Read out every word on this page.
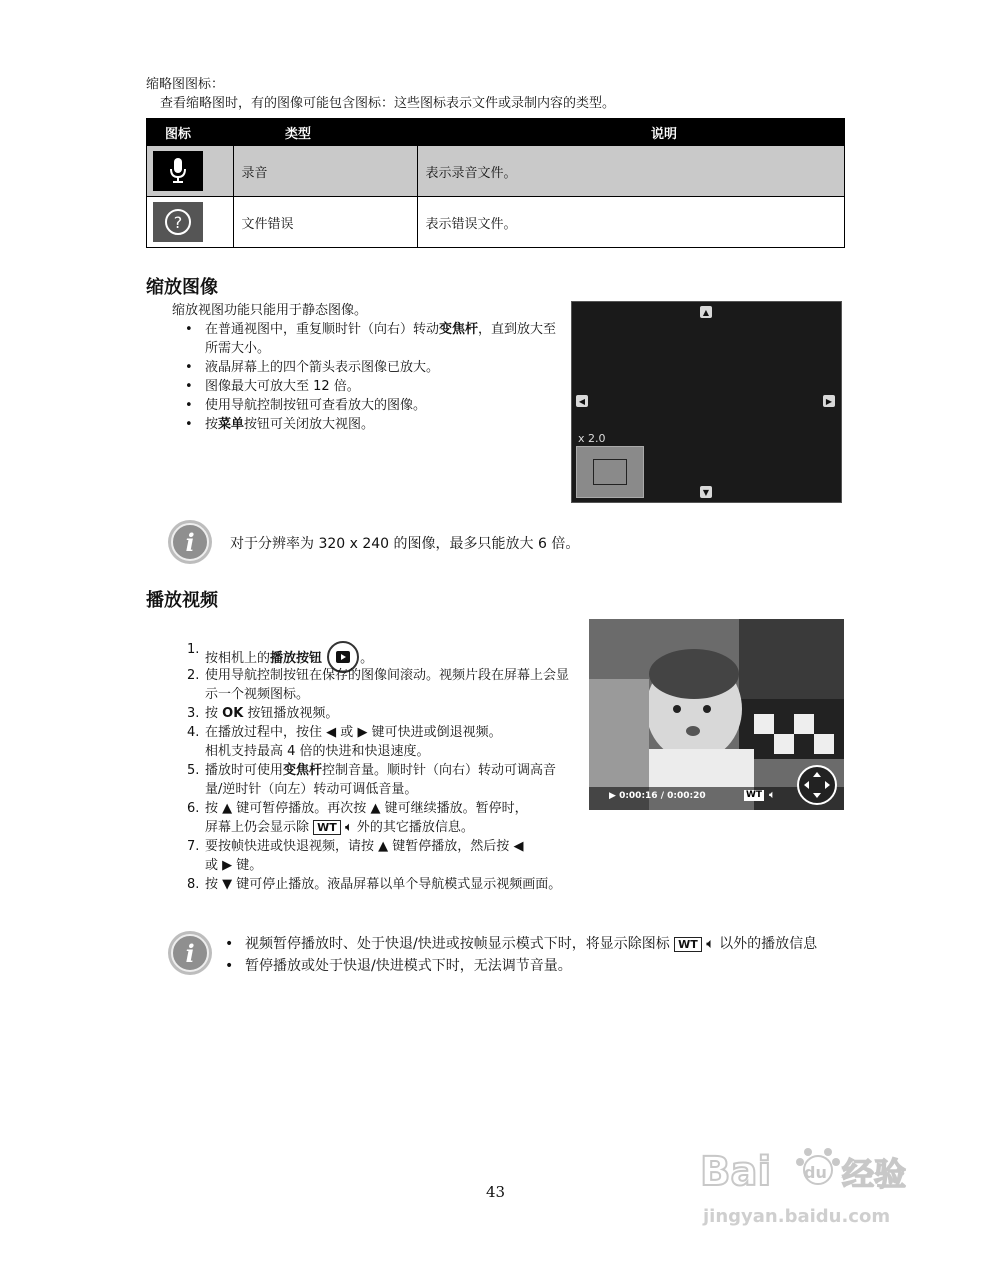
缩略图图标：
查看缩略图时，有的图像可能包含图标：这些图标表示文件或录制内容的类型。
图标	类型	说明

	录音	表示录音文件。

?	文件错误	表示错误文件。
缩放图像
缩放视图功能只能用于静态图像。
• 在普通视图中，重复顺时针（向右）转动变焦杆，直到放大至所需大小。
• 液晶屏幕上的四个箭头表示图像已放大。
• 图像最大可放大至 12 倍。
• 使用导航控制按钮可查看放大的图像。
• 按菜单按钮可关闭放大视图。
▲
▼
◀	▶
x 2.0
i	对于分辨率为 320 x 240 的图像，最多只能放大 6 倍。
播放视频
1.
按相机上的播放按钮	。
2. 使用导航控制按钮在保存的图像间滚动。视频片段在屏幕上会显示一个视频图标。
3. 按 OK 按钮播放视频。
4. 在播放过程中，按住 ◀ 或 ▶ 键可快进或倒退视频。
相机支持最高 4 倍的快进和快退速度。
5. 播放时可使用变焦杆控制音量。顺时针（向右）转动可调高音量/逆时针（向左）转动可调低音量。
6. 按 ▲ 键可暂停播放。再次按 ▲ 键可继续播放。暂停时，
屏幕上仍会显示除 WT 🔈︎ 外的其它播放信息。
7. 要按帧快进或快退视频，请按 ▲ 键暂停播放，然后按 ◀
或 ▶ 键。
8. 按 ▼ 键可停止播放。液晶屏幕以单个导航模式显示视频画面。
▶ 0:00:16 / 0:00:20	WT 🔈︎
i	• 视频暂停播放时、处于快退/快进或按帧显示模式下时，将显示除图标 WT 🔈︎ 以外的播放信息
• 暂停播放或处于快退/快进模式下时，无法调节音量。
43	Bai du 经验
jingyan.baidu.com
